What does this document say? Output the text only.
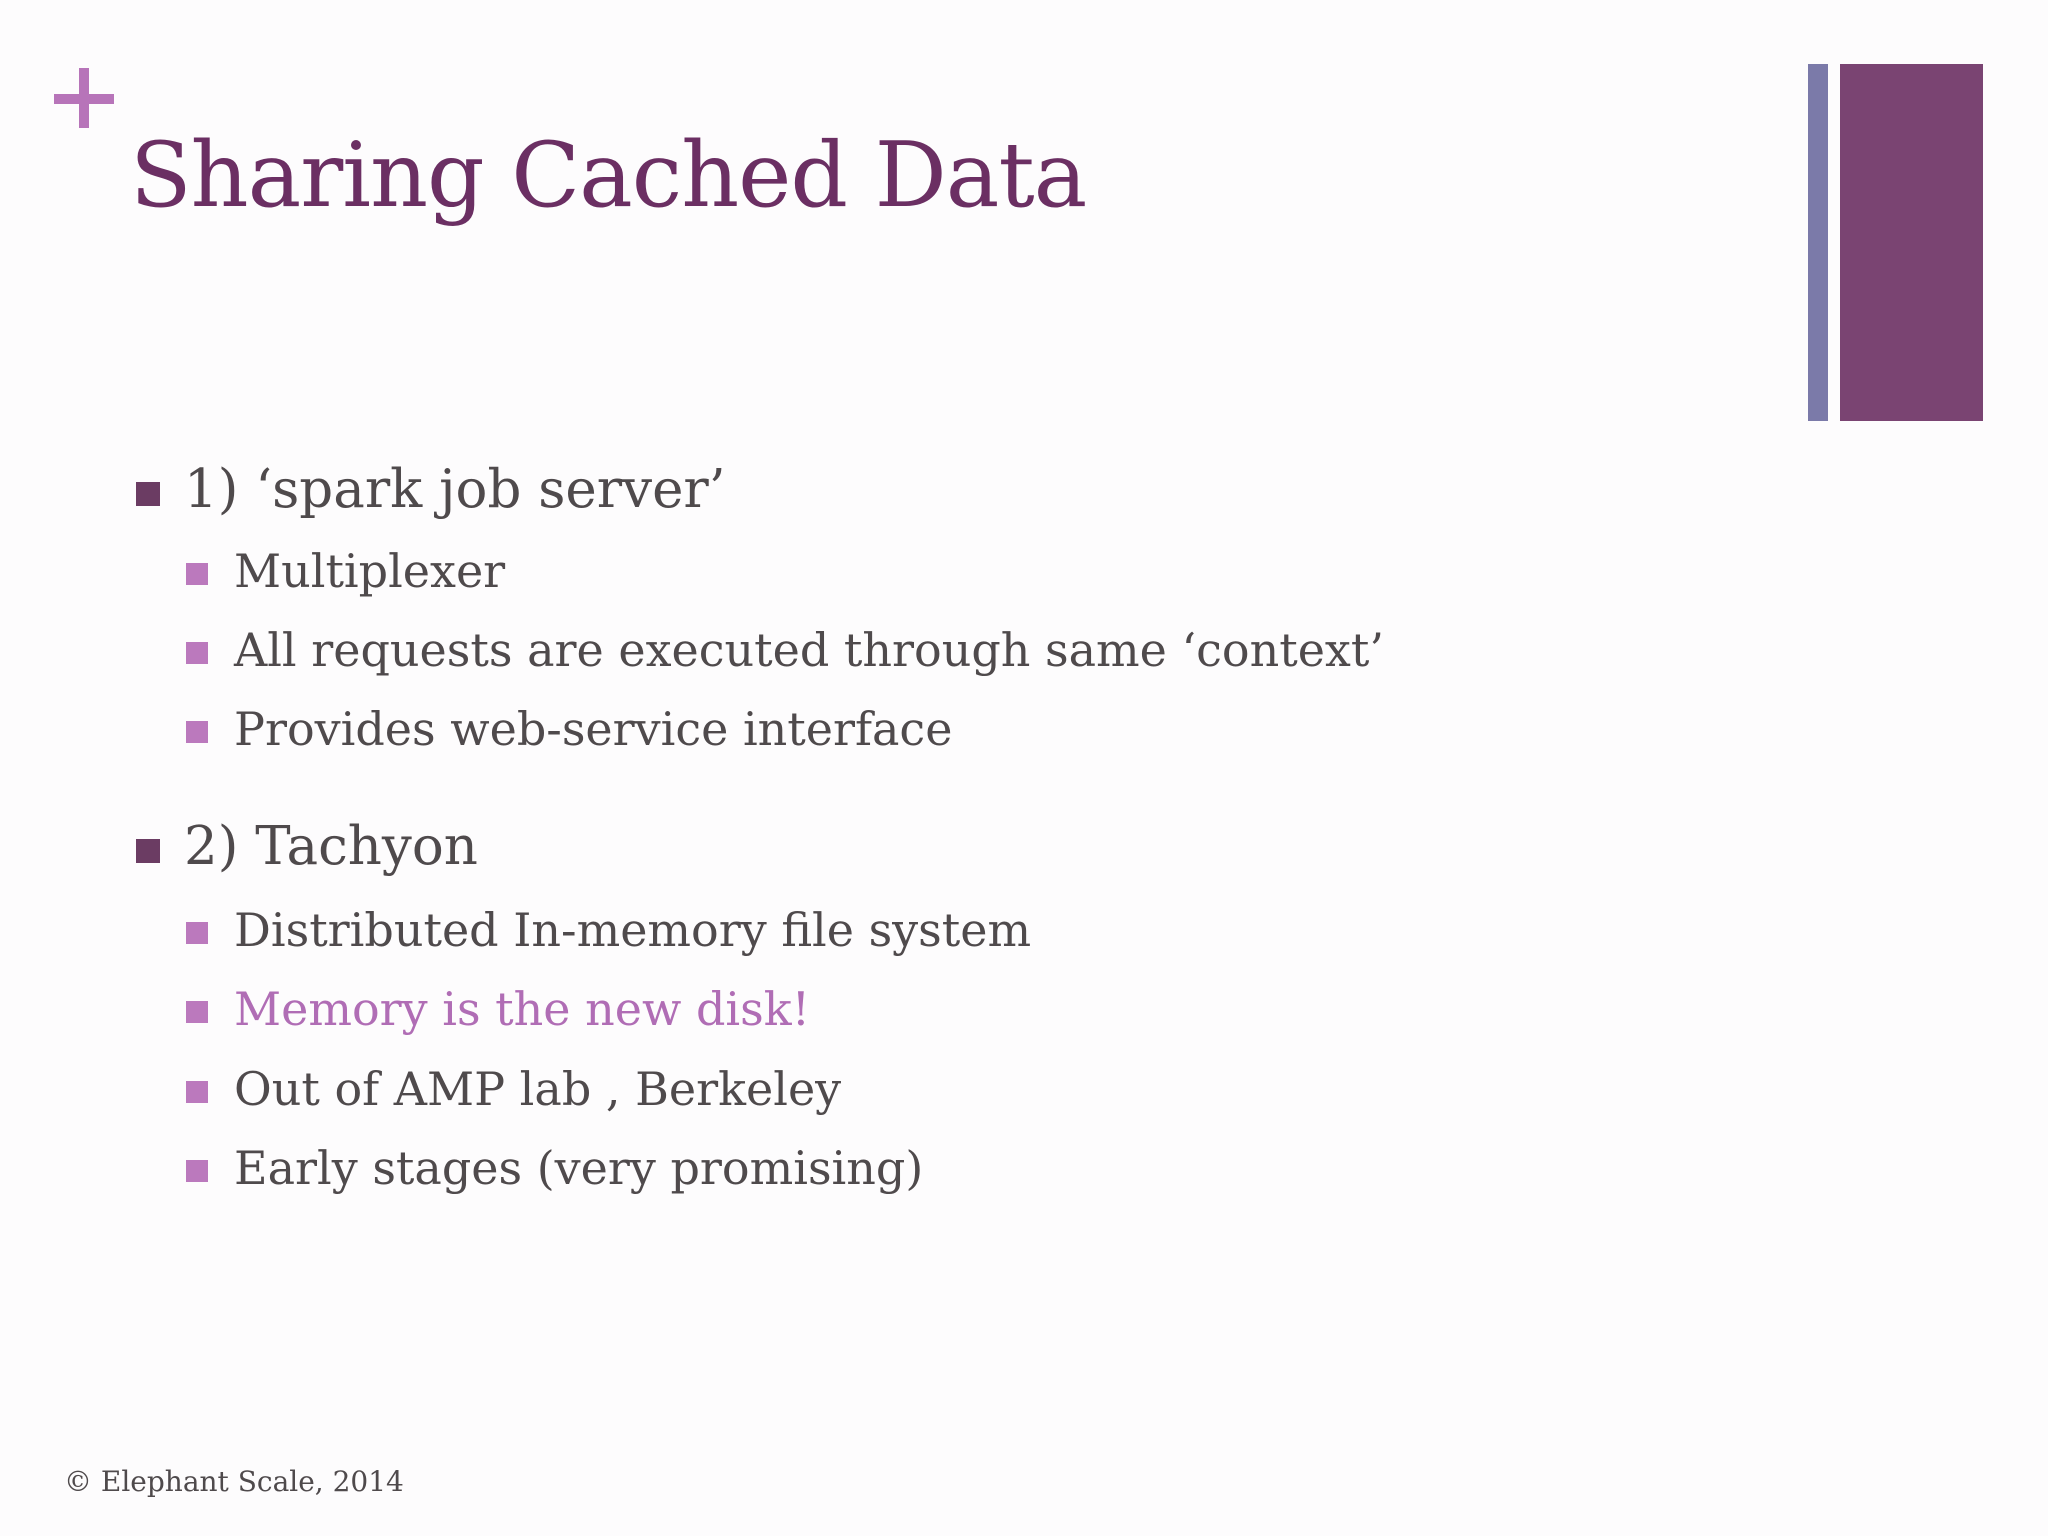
Sharing Cached Data
1) ‘spark job server’
Multiplexer
All requests are executed through same ‘context’
Provides web-service interface
2) Tachyon
Distributed In-memory file system
Memory is the new disk!
Out of AMP lab , Berkeley
Early stages (very promising)
© Elephant Scale, 2014
